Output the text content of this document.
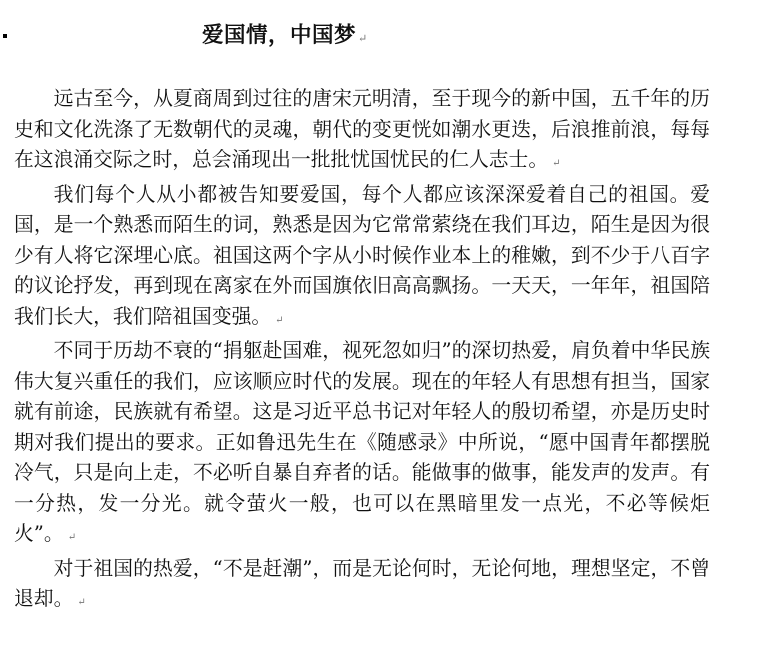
爱国情，中国梦 ↵

远古至今，从夏商周到过往的唐宋元明清，至于现今的新中国，五千年的历史和文化洗涤了无数朝代的灵魂，朝代的变更恍如潮水更迭，后浪推前浪，每每在这浪涌交际之时，总会涌现出一批批忧国忧民的仁人志士。 ↵

我们每个人从小都被告知要爱国，每个人都应该深深爱着自己的祖国。爱国，是一个熟悉而陌生的词，熟悉是因为它常常萦绕在我们耳边，陌生是因为很少有人将它深埋心底。祖国这两个字从小时候作业本上的稚嫩，到不少于八百字的议论抒发，再到现在离家在外而国旗依旧高高飘扬。一天天，一年年，祖国陪我们长大，我们陪祖国变强。 ↵

不同于历劫不衰的“捐躯赴国难，视死忽如归”的深切热爱，肩负着中华民族伟大复兴重任的我们，应该顺应时代的发展。现在的年轻人有思想有担当，国家就有前途，民族就有希望。这是习近平总书记对年轻人的殷切希望，亦是历史时期对我们提出的要求。正如鲁迅先生在《随感录》中所说，“愿中国青年都摆脱冷气，只是向上走，不必听自暴自弃者的话。能做事的做事，能发声的发声。有一分热，发一分光。就令萤火一般，也可以在黑暗里发一点光，不必等候炬火”。 ↵

对于祖国的热爱，“不是赶潮”，而是无论何时，无论何地，理想坚定，不曾退却。 ↵
